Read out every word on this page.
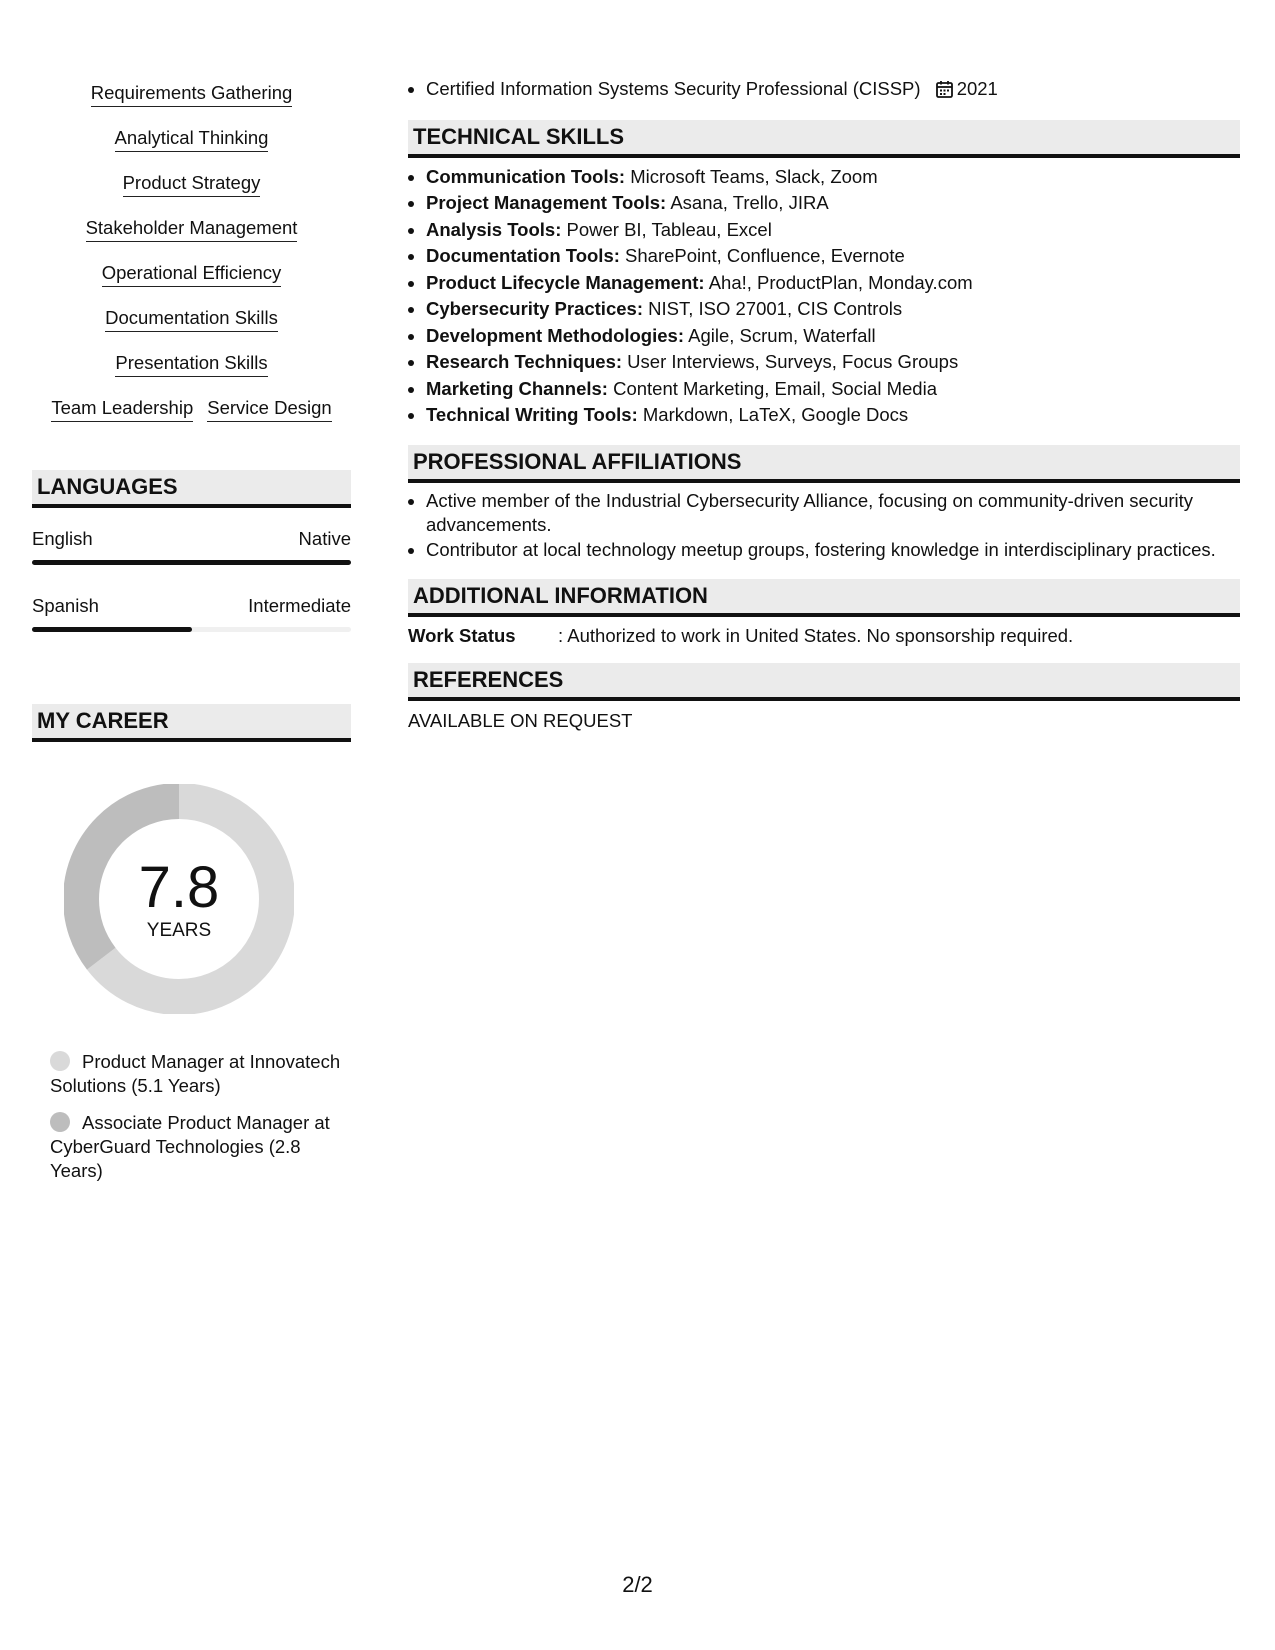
Requirements Gathering
Analytical Thinking
Product Strategy
Stakeholder Management
Operational Efficiency
Documentation Skills
Presentation Skills
Team Leadership Service Design
LANGUAGES
English	Native
Spanish	Intermediate
MY CAREER
7.8
YEARS
Product Manager at Innovatech Solutions (5.1 Years)
Associate Product Manager at CyberGuard Technologies (2.8 Years)
• Certified Information Systems Security Professional (CISSP) 2021
TECHNICAL SKILLS
• Communication Tools: Microsoft Teams, Slack, Zoom
• Project Management Tools: Asana, Trello, JIRA
• Analysis Tools: Power BI, Tableau, Excel
• Documentation Tools: SharePoint, Confluence, Evernote
• Product Lifecycle Management: Aha!, ProductPlan, Monday.com
• Cybersecurity Practices: NIST, ISO 27001, CIS Controls
• Development Methodologies: Agile, Scrum, Waterfall
• Research Techniques: User Interviews, Surveys, Focus Groups
• Marketing Channels: Content Marketing, Email, Social Media
• Technical Writing Tools: Markdown, LaTeX, Google Docs
PROFESSIONAL AFFILIATIONS
• Active member of the Industrial Cybersecurity Alliance, focusing on community-driven security advancements.
• Contributor at local technology meetup groups, fostering knowledge in interdisciplinary practices.
ADDITIONAL INFORMATION
Work Status	: Authorized to work in United States. No sponsorship required.
REFERENCES
AVAILABLE ON REQUEST
2/2
